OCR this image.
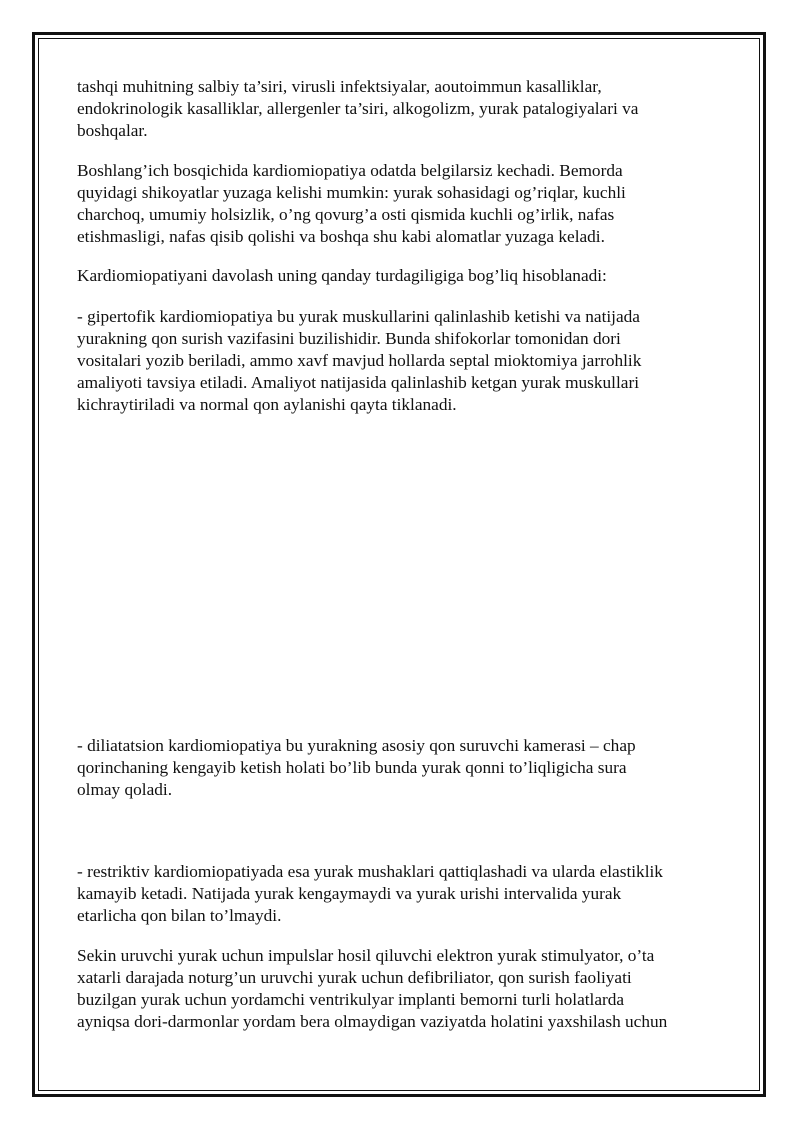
tashqi muhitning salbiy ta’siri, virusli infektsiyalar, aoutoimmun kasalliklar,
endokrinologik kasalliklar, allergenler ta’siri, alkogolizm, yurak patalogiyalari va
boshqalar.

Boshlang’ich bosqichida kardiomiopatiya odatda belgilarsiz kechadi. Bemorda
quyidagi shikoyatlar yuzaga kelishi mumkin: yurak sohasidagi og’riqlar, kuchli
charchoq, umumiy holsizlik, o’ng qovurg’a osti qismida kuchli og’irlik, nafas
etishmasligi, nafas qisib qolishi va boshqa shu kabi alomatlar yuzaga keladi.

Kardiomiopatiyani davolash uning qanday turdagiligiga bog’liq hisoblanadi:

- gipertofik kardiomiopatiya bu yurak muskullarini qalinlashib ketishi va natijada
yurakning qon surish vazifasini buzilishidir. Bunda shifokorlar tomonidan dori
vositalari yozib beriladi, ammo xavf mavjud hollarda septal mioktomiya jarrohlik
amaliyoti tavsiya etiladi. Amaliyot natijasida qalinlashib ketgan yurak muskullari
kichraytiriladi va normal qon aylanishi qayta tiklanadi.

- diliatatsion kardiomiopatiya bu yurakning asosiy qon suruvchi kamerasi – chap
qorinchaning kengayib ketish holati bo’lib bunda yurak qonni to’liqligicha sura
olmay qoladi.

- restriktiv kardiomiopatiyada esa yurak mushaklari qattiqlashadi va ularda elastiklik
kamayib ketadi. Natijada yurak kengaymaydi va yurak urishi intervalida yurak
etarlicha qon bilan to’lmaydi.

Sekin uruvchi yurak uchun impulslar hosil qiluvchi elektron yurak stimulyator, o’ta
xatarli darajada noturg’un uruvchi yurak uchun defibriliator, qon surish faoliyati
buzilgan yurak uchun yordamchi ventrikulyar implanti bemorni turli holatlarda
ayniqsa dori-darmonlar yordam bera olmaydigan vaziyatda holatini yaxshilash uchun
